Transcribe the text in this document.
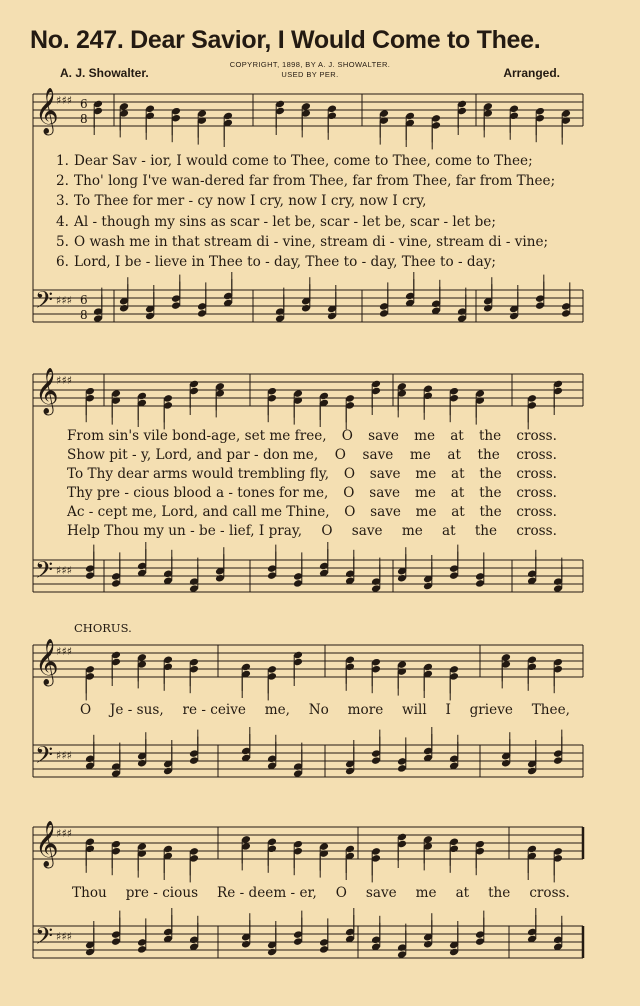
No. 247. Dear Savior, I Would Come to Thee.
A. J. Showalter.
COPYRIGHT, 1898, BY A. J. SHOWALTER.
USED BY PER.	Arranged.
𝄞
♯♯♯ 6
8
𝄢 ♯♯♯ 6
8
𝄞
♯♯♯
𝄢 ♯♯♯
𝄞
♯♯♯
𝄢 ♯♯♯
𝄞
♯♯♯
𝄢 ♯♯♯
1. Dear Sav - ior, I would come to Thee, come to Thee, come to Thee;
2. Tho' long I've wan-dered far from Thee, far from Thee, far from Thee;
3. To Thee for mer - cy now I cry, now I cry, now I cry,
4. Al - though my sins as scar - let be, scar - let be, scar - let be;
5. O wash me in that stream di - vine, stream di - vine, stream di - vine;
6. Lord, I be - lieve in Thee to - day, Thee to - day, Thee to - day;
From sin's vile bond-age, set me free, O save me at the cross.
Show pit - y, Lord, and par - don me, O save me at the cross.
To Thy dear arms would trembling fly, O save me at the cross.
Thy pre - cious blood a - tones for me, O save me at the cross.
Ac - cept me, Lord, and call me Thine, O save me at the cross.
Help Thou my un - be - lief, I pray, O save me at the cross.
CHORUS.
O Je - sus, re - ceive me, No more will I grieve Thee,
Thou pre - cious Re - deem - er, O save me at the cross.
